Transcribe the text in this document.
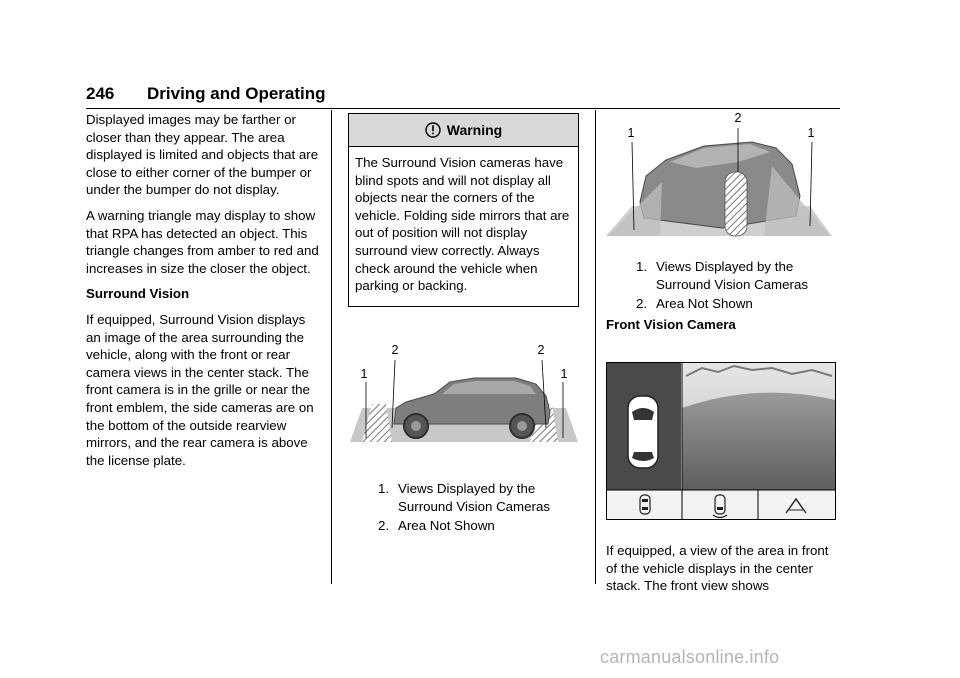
246 Driving and Operating

Displayed images may be farther or closer than they appear. The area displayed is limited and objects that are close to either corner of the bumper or under the bumper do not display.

A warning triangle may display to show that RPA has detected an object. This triangle changes from amber to red and increases in size the closer the object.

Surround Vision

If equipped, Surround Vision displays an image of the area surrounding the vehicle, along with the front or rear camera views in the center stack. The front camera is in the grille or near the front emblem, the side cameras are on the bottom of the outside rearview mirrors, and the rear camera is above the license plate.

Warning
The Surround Vision cameras have blind spots and will not display all objects near the corners of the vehicle. Folding side mirrors that are out of position will not display surround view correctly. Always check around the vehicle when parking or backing.
2	2
1	1
1. Views Displayed by the
Surround Vision Cameras
2. Area Not Shown
2
1	1
1. Views Displayed by the
Surround Vision Cameras
2. Area Not Shown
Front Vision Camera
If equipped, a view of the area in front of the vehicle displays in the center stack. The front view shows
carmanualsonline.info
